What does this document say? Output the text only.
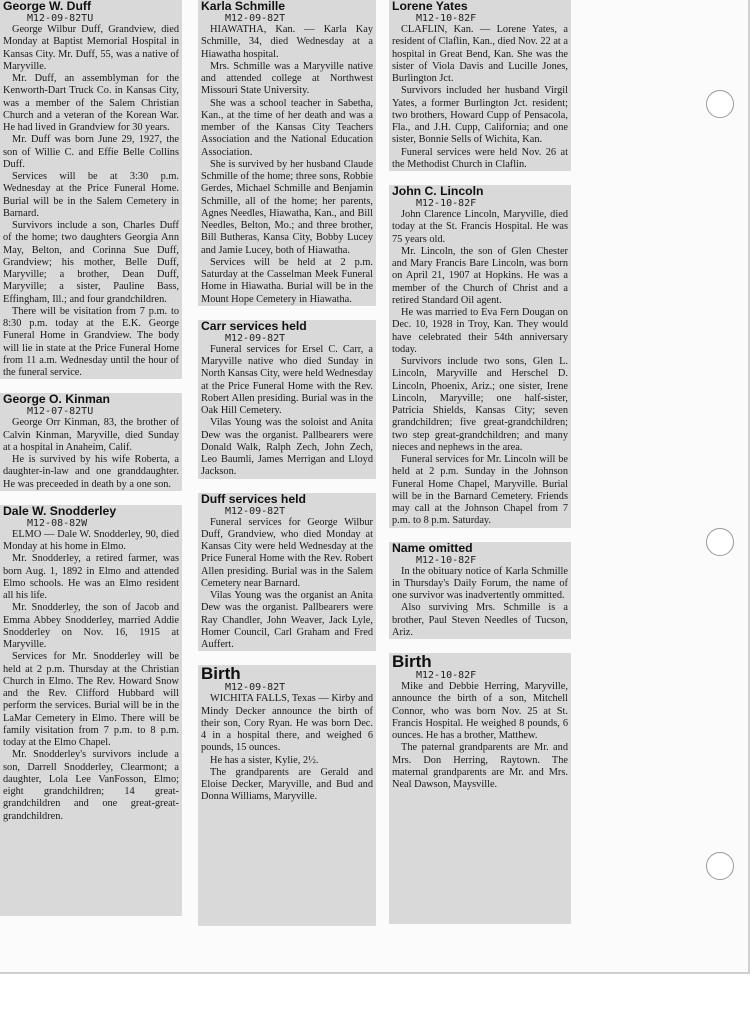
George W. Duff
M12-09-82TU

George Wilbur Duff, Grandview, died Monday at Baptist Memorial Hospital in Kansas City. Mr. Duff, 55, was a native of Maryville.

Mr. Duff, an assemblyman for the Kenworth-Dart Truck Co. in Kansas City, was a member of the Salem Christian Church and a veteran of the Korean War. He had lived in Grandview for 30 years.

Mr. Duff was born June 29, 1927, the son of Willie C. and Effie Belle Collins Duff.

Services will be at 3:30 p.m. Wednesday at the Price Funeral Home. Burial will be in the Salem Cemetery in Barnard.

Survivors include a son, Charles Duff of the home; two daughters Georgia Ann May, Belton, and Corinna Sue Duff, Grandview; his mother, Belle Duff, Maryville; a brother, Dean Duff, Maryville; a sister, Pauline Bass, Effingham, Ill.; and four grandchildren.

There will be visitation from 7 p.m. to 8:30 p.m. today at the E.K. George Funeral Home in Grandview. The body will lie in state at the Price Funeral Home from 11 a.m. Wednesday until the hour of the funeral service.

George O. Kinman
M12-07-82TU

George Orr Kinman, 83, the brother of Calvin Kinman, Maryville, died Sunday at a hospital in Anaheim, Calif.

He is survived by his wife Roberta, a daughter-in-law and one granddaughter. He was preceeded in death by a one son.

Dale W. Snodderley
M12-08-82W

ELMO — Dale W. Snodderley, 90, died Monday at his home in Elmo.

Mr. Snodderley, a retired farmer, was born Aug. 1, 1892 in Elmo and attended Elmo schools. He was an Elmo resident all his life.

Mr. Snodderley, the son of Jacob and Emma Abbey Snodderley, married Addie Snodderley on Nov. 16, 1915 at Maryville.

Services for Mr. Snodderley will be held at 2 p.m. Thursday at the Christian Church in Elmo. The Rev. Howard Snow and the Rev. Clifford Hubbard will perform the services. Burial will be in the LaMar Cemetery in Elmo. There will be family visitation from 7 p.m. to 8 p.m. today at the Elmo Chapel.

Mr. Snodderley's survivors include a son, Darrell Snodderley, Clearmont; a daughter, Lola Lee VanFosson, Elmo; eight grandchildren; 14 great-grandchildren and one great-great-grandchildren.

Karla Schmille
M12-09-82T

HIAWATHA, Kan. — Karla Kay Schmille, 34, died Wednesday at a Hiawatha hospital.

Mrs. Schmille was a Maryville native and attended college at Northwest Missouri State University.

She was a school teacher in Sabetha, Kan., at the time of her death and was a member of the Kansas City Teachers Association and the National Education Association.

She is survived by her husband Claude Schmille of the home; three sons, Robbie Gerdes, Michael Schmille and Benjamin Schmille, all of the home; her parents, Agnes Needles, Hiawatha, Kan., and Bill Needles, Belton, Mo.; and three brother, Bill Butheras, Kansa City, Bobby Lucey and Jamie Lucey, both of Hiawatha.

Services will be held at 2 p.m. Saturday at the Casselman Meek Funeral Home in Hiawatha. Burial will be in the Mount Hope Cemetery in Hiawatha.

Carr services held
M12-09-82T

Funeral services for Ersel C. Carr, a Maryville native who died Sunday in North Kansas City, were held Wednesday at the Price Funeral Home with the Rev. Robert Allen presiding. Burial was in the Oak Hill Cemetery.

Vilas Young was the soloist and Anita Dew was the organist. Pallbearers were Donald Walk, Ralph Zech, John Zech, Leo Baumli, James Merrigan and Lloyd Jackson.

Duff services held
M12-09-82T

Funeral services for George Wilbur Duff, Grandview, who died Monday at Kansas City were held Wednesday at the Price Funeral Home with the Rev. Robert Allen presiding. Burial was in the Salem Cemetery near Barnard.

Vilas Young was the organist an Anita Dew was the organist. Pallbearers were Ray Chandler, John Weaver, Jack Lyle, Homer Council, Carl Graham and Fred Auffert.

Birth
M12-09-82T

WICHITA FALLS, Texas — Kirby and Mindy Decker announce the birth of their son, Cory Ryan. He was born Dec. 4 in a hospital there, and weighed 6 pounds, 15 ounces.

He has a sister, Kylie, 2½.

The grandparents are Gerald and Eloise Decker, Maryville, and Bud and Donna Williams, Maryville.

Lorene Yates
M12-10-82F

CLAFLIN, Kan. — Lorene Yates, a resident of Claflin, Kan., died Nov. 22 at a hospital in Great Bend, Kan. She was the sister of Viola Davis and Lucille Jones, Burlington Jct.

Survivors included her husband Virgil Yates, a former Burlington Jct. resident; two brothers, Howard Cupp of Pensacola, Fla., and J.H. Cupp, California; and one sister, Bonnie Sells of Wichita, Kan.

Funeral services were held Nov. 26 at the Methodist Church in Claflin.

John C. Lincoln
M12-10-82F

John Clarence Lincoln, Maryville, died today at the St. Francis Hospital. He was 75 years old.

Mr. Lincoln, the son of Glen Chester and Mary Francis Bare Lincoln, was born on April 21, 1907 at Hopkins. He was a member of the Church of Christ and a retired Standard Oil agent.

He was married to Eva Fern Dougan on Dec. 10, 1928 in Troy, Kan. They would have celebrated their 54th anniversary today.

Survivors include two sons, Glen L. Lincoln, Maryville and Herschel D. Lincoln, Phoenix, Ariz.; one sister, Irene Lincoln, Maryville; one half-sister, Patricia Shields, Kansas City; seven grandchildren; five great-grandchildren; two step great-grandchildren; and many nieces and nephews in the area.

Funeral services for Mr. Lincoln will be held at 2 p.m. Sunday in the Johnson Funeral Home Chapel, Maryville. Burial will be in the Barnard Cemetery. Friends may call at the Johnson Chapel from 7 p.m. to 8 p.m. Saturday.

Name omitted
M12-10-82F

In the obituary notice of Karla Schmille in Thursday's Daily Forum, the name of one survivor was inadvertently ommitted.

Also surviving Mrs. Schmille is a brother, Paul Steven Needles of Tucson, Ariz.

Birth
M12-10-82F

Mike and Debbie Herring, Maryville, announce the birth of a son, Mitchell Connor, who was born Nov. 25 at St. Francis Hospital. He weighed 8 pounds, 6 ounces. He has a brother, Matthew.

The paternal grandparents are Mr. and Mrs. Don Herring, Raytown. The maternal grandparents are Mr. and Mrs. Neal Dawson, Maysville.
